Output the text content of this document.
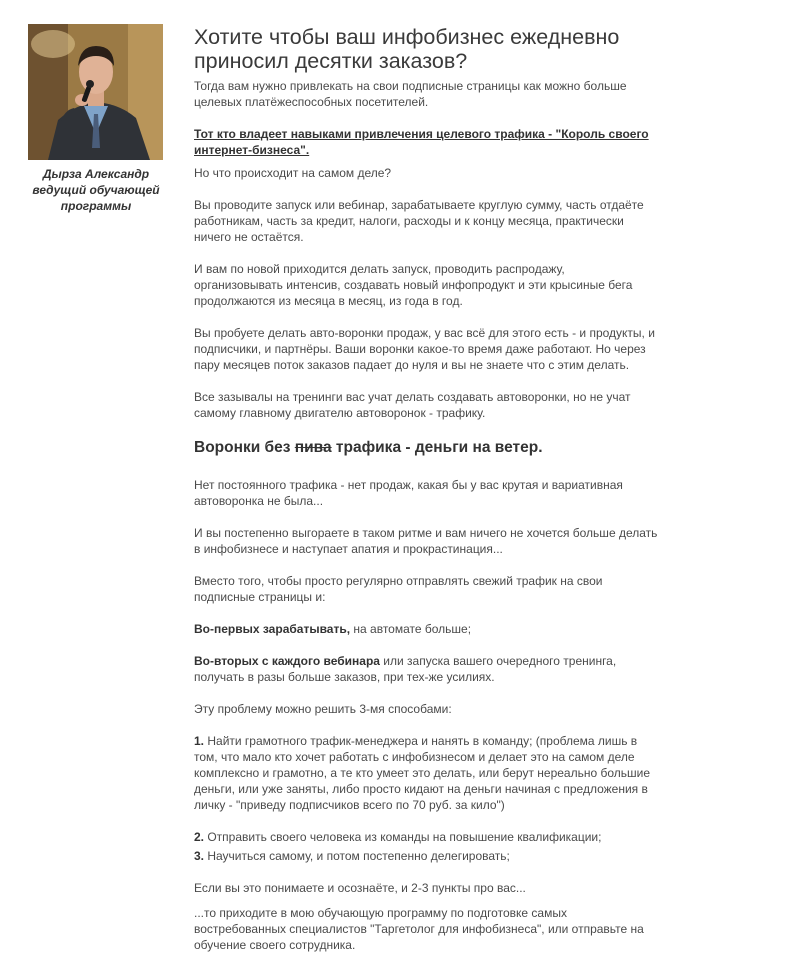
Дырза Александр
ведущий обучающей
программы
Хотите чтобы ваш инфобизнес ежедневно
приносил десятки заказов?
Тогда вам нужно привлекать на свои подписные страницы как можно больше
целевых платёжеспособных посетителей.
Тот кто владеет навыками привлечения целевого трафика - "Король своего
интернет-бизнеса".
Но что происходит на самом деле?
Вы проводите запуск или вебинар, зарабатываете круглую сумму, часть отдаёте
работникам, часть за кредит, налоги, расходы и к концу месяца, практически
ничего не остаётся.
И вам по новой приходится делать запуск, проводить распродажу,
организовывать интенсив, создавать новый инфопродукт и эти крысиные бега
продолжаются из месяца в месяц, из года в год.
Вы пробуете делать авто-воронки продаж, у вас всё для этого есть - и продукты, и
подписчики, и партнёры. Ваши воронки какое-то время даже работают. Но через
пару месяцев поток заказов падает до нуля и вы не знаете что с этим делать.
Все зазывалы на тренинги вас учат делать создавать автоворонки, но не учат
самому главному двигателю автоворонок - трафику.
Воронки без пива трафика - деньги на ветер.
Нет постоянного трафика - нет продаж, какая бы у вас крутая и вариативная
автоворонка не была...
И вы постепенно выгораете в таком ритме и вам ничего не хочется больше делать
в инфобизнесе и наступает апатия и прокрастинация...
Вместо того, чтобы просто регулярно отправлять свежий трафик на свои
подписные страницы и:
Во-первых зарабатывать, на автомате больше;
Во-вторых с каждого вебинара или запуска вашего очередного тренинга,
получать в разы больше заказов, при тех-же усилиях.
Эту проблему можно решить 3-мя способами:
1. Найти грамотного трафик-менеджера и нанять в команду; (проблема лишь в
том, что мало кто хочет работать с инфобизнесом и делает это на самом деле
комплексно и грамотно, а те кто умеет это делать, или берут нереально большие
деньги, или уже заняты, либо просто кидают на деньги начиная с предложения в
личку - "приведу подписчиков всего по 70 руб. за кило")
2. Отправить своего человека из команды на повышение квалификации;
3. Научиться самому, и потом постепенно делегировать;
Если вы это понимаете и осознаёте, и 2-3 пункты про вас...
...то приходите в мою обучающую программу по подготовке самых
востребованных специалистов "Таргетолог для инфобизнеса", или отправьте на
обучение своего сотрудника.
